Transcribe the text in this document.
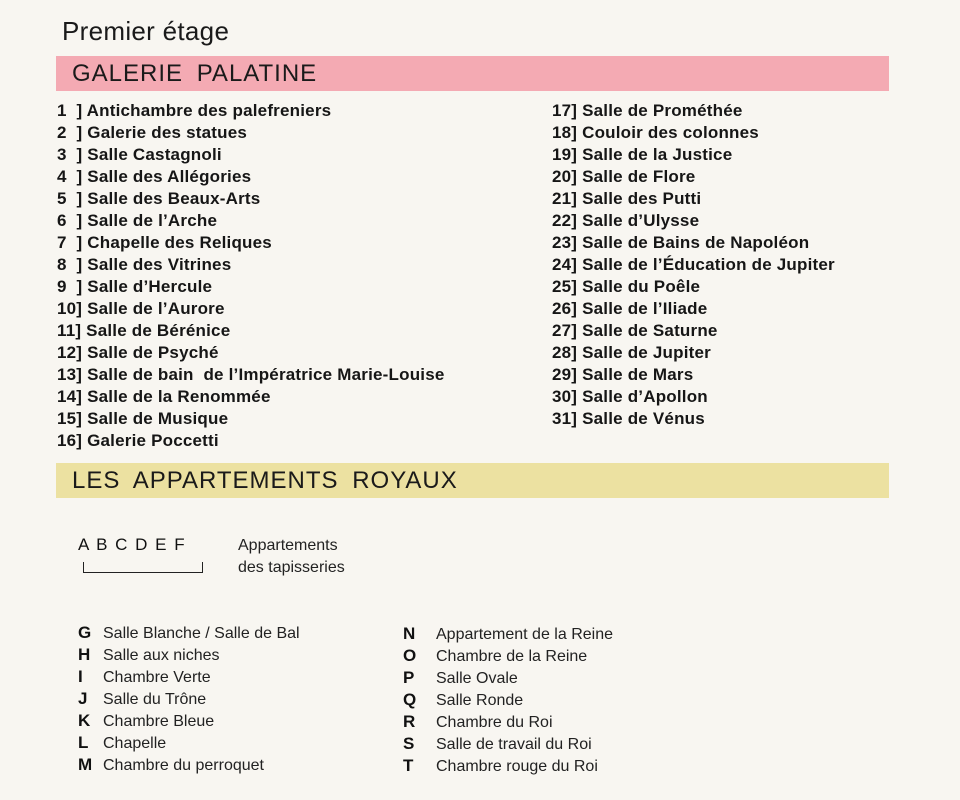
Premier étage
GALERIE PALATINE
1  ] Antichambre des palefreniers
2  ] Galerie des statues
3  ] Salle Castagnoli
4  ] Salle des Allégories
5  ] Salle des Beaux-Arts
6  ] Salle de l’Arche
7  ] Chapelle des Reliques
8  ] Salle des Vitrines
9  ] Salle d’Hercule
10] Salle de l’Aurore
11] Salle de Bérénice
12] Salle de Psyché
13] Salle de bain  de l’Impératrice Marie-Louise
14] Salle de la Renommée
15] Salle de Musique
16] Galerie Poccetti
17] Salle de Prométhée
18] Couloir des colonnes
19] Salle de la Justice
20] Salle de Flore
21] Salle des Putti
22] Salle d’Ulysse
23] Salle de Bains de Napoléon
24] Salle de l’Éducation de Jupiter
25] Salle du Poêle
26] Salle de l’Iliade
27] Salle de Saturne
28] Salle de Jupiter
29] Salle de Mars
30] Salle d’Apollon
31] Salle de Vénus
LES APPARTEMENTS ROYAUX
A B C D E F	Appartements
des tapisseries
G Salle Blanche / Salle de Bal
H Salle aux niches
I Chambre Verte
J Salle du Trône
K Chambre Bleue
L Chapelle
M Chambre du perroquet
N Appartement de la Reine
O Chambre de la Reine
P Salle Ovale
Q Salle Ronde
R Chambre du Roi
S Salle de travail du Roi
T Chambre rouge du Roi
